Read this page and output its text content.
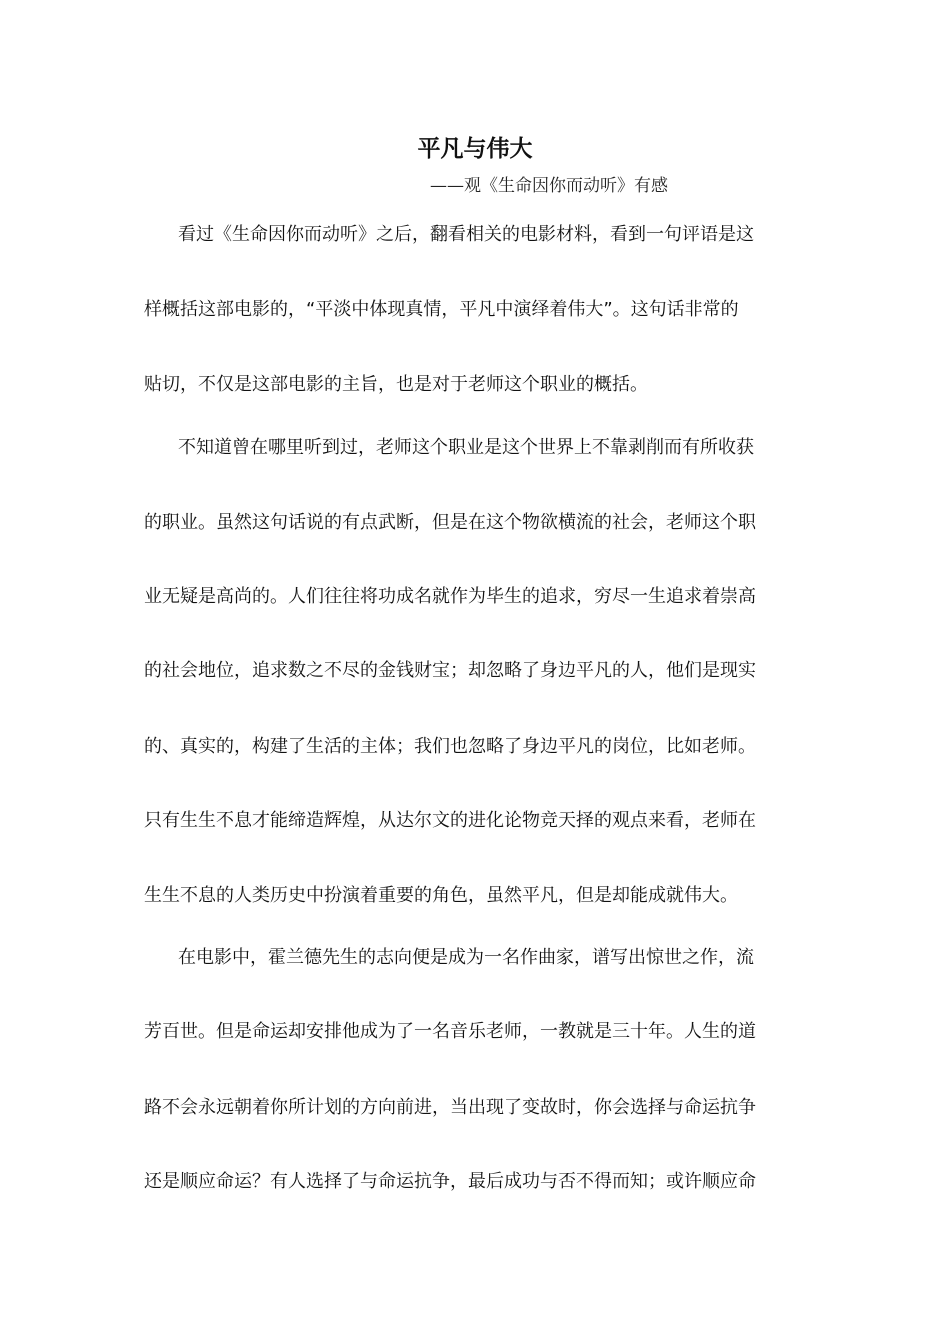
平凡与伟大
——观《生命因你而动听》有感
看过《生命因你而动听》之后，翻看相关的电影材料，看到一句评语是这
样概括这部电影的，“平淡中体现真情，平凡中演绎着伟大”。这句话非常的
贴切，不仅是这部电影的主旨，也是对于老师这个职业的概括。
不知道曾在哪里听到过，老师这个职业是这个世界上不靠剥削而有所收获
的职业。虽然这句话说的有点武断，但是在这个物欲横流的社会，老师这个职
业无疑是高尚的。人们往往将功成名就作为毕生的追求，穷尽一生追求着崇高
的社会地位，追求数之不尽的金钱财宝；却忽略了身边平凡的人，他们是现实
的、真实的，构建了生活的主体；我们也忽略了身边平凡的岗位，比如老师。
只有生生不息才能缔造辉煌，从达尔文的进化论物竞天择的观点来看，老师在
生生不息的人类历史中扮演着重要的角色，虽然平凡，但是却能成就伟大。
在电影中，霍兰德先生的志向便是成为一名作曲家，谱写出惊世之作，流
芳百世。但是命运却安排他成为了一名音乐老师，一教就是三十年。人生的道
路不会永远朝着你所计划的方向前进，当出现了变故时，你会选择与命运抗争
还是顺应命运？有人选择了与命运抗争，最后成功与否不得而知；或许顺应命
